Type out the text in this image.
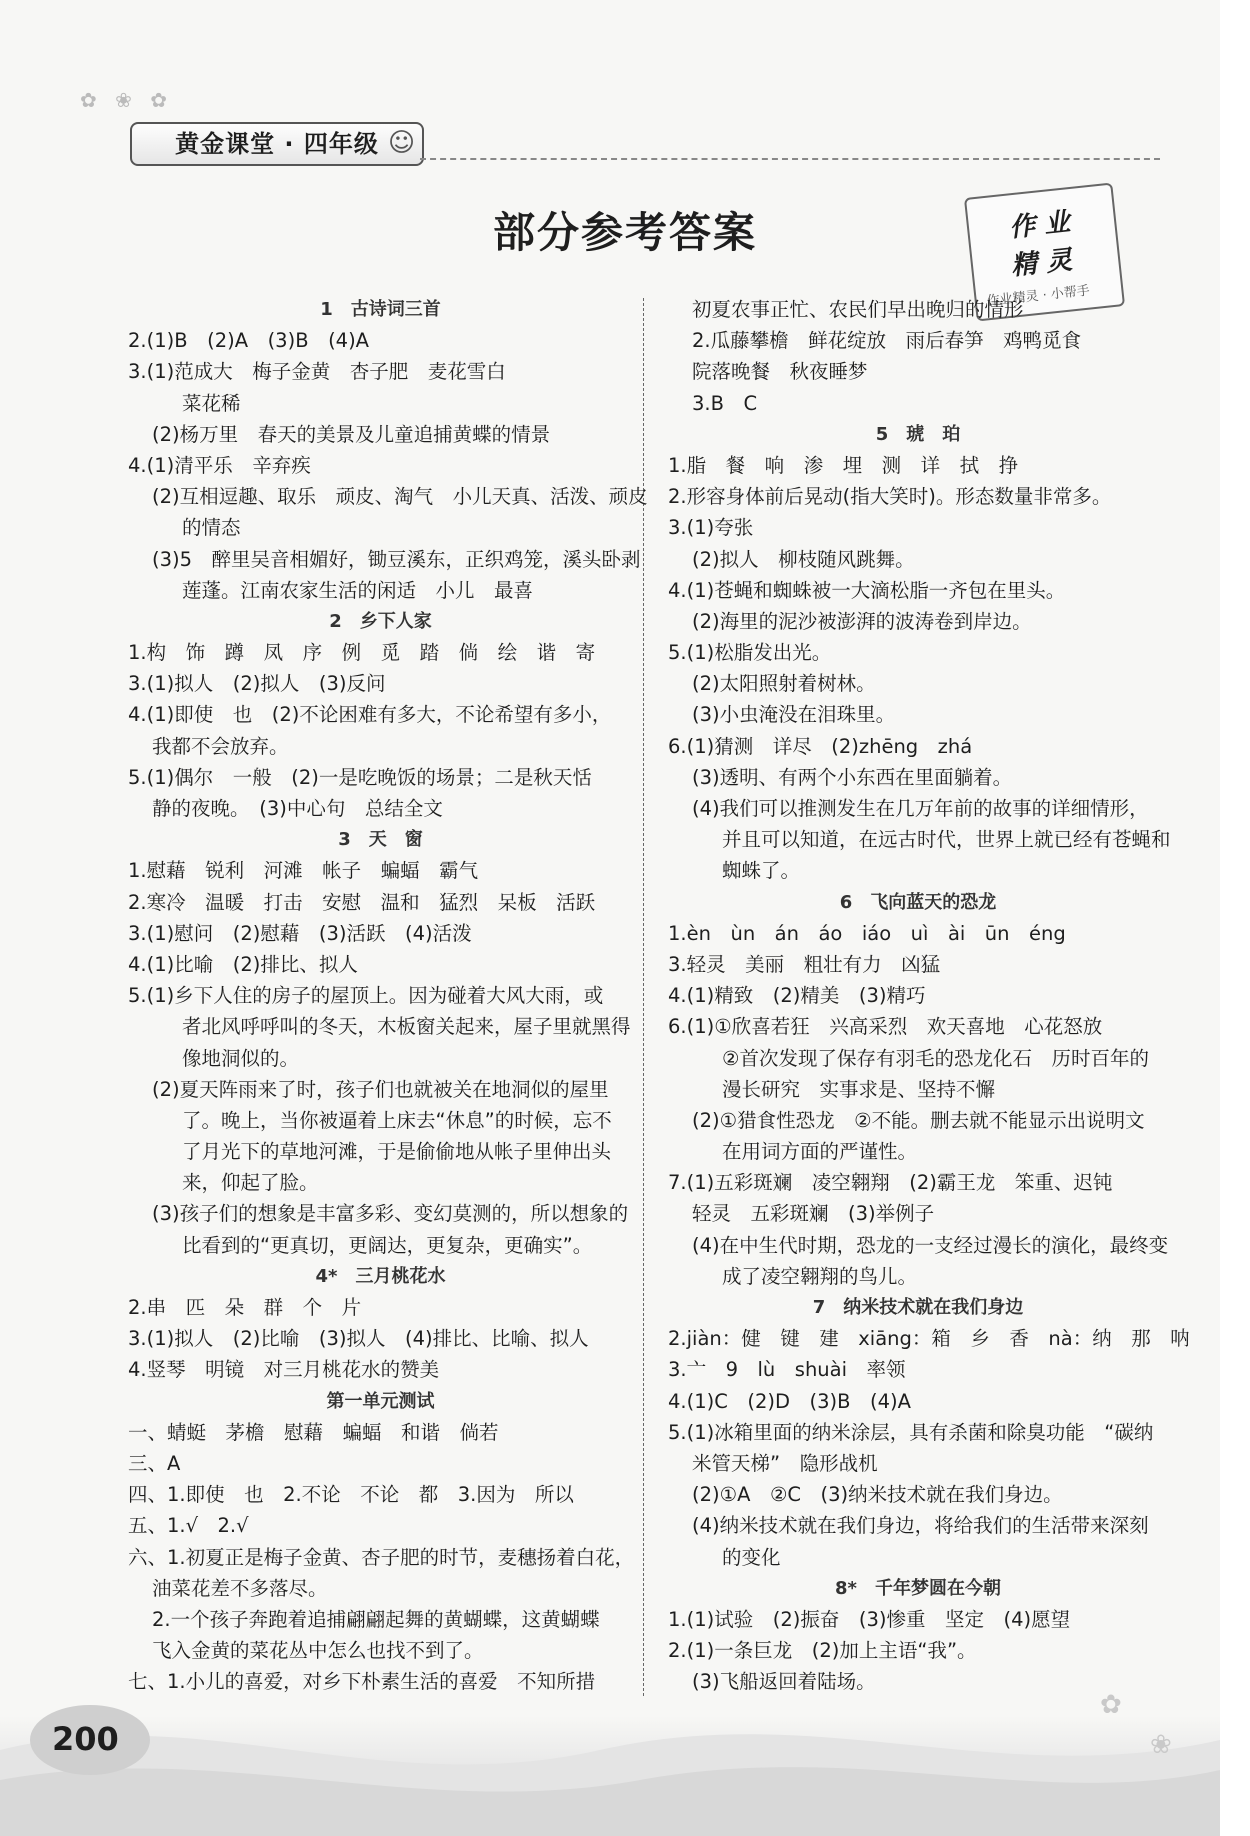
✿ ❀ ✿
黄金课堂 · 四年级 ☺
作 业
精 灵
作业精灵 · 小帮手
1　古诗词三首
2.(1)B　(2)A　(3)B　(4)A
3.(1)范成大　梅子金黄　杏子肥　麦花雪白
菜花稀
(2)杨万里　春天的美景及儿童追捕黄蝶的情景
4.(1)清平乐　辛弃疾
(2)互相逗趣、取乐　顽皮、淘气　小儿天真、活泼、顽皮
的情态
(3)5　醉里吴音相媚好，锄豆溪东，正织鸡笼，溪头卧剥
莲蓬。江南农家生活的闲适　小儿　最喜
2　乡下人家
1.构　饰　蹲　凤　序　例　觅　踏　倘　绘　谐　寄
3.(1)拟人　(2)拟人　(3)反问
4.(1)即使　也　(2)不论困难有多大，不论希望有多小，
我都不会放弃。
5.(1)偶尔　一般　(2)一是吃晚饭的场景；二是秋天恬
静的夜晚。　(3)中心句　总结全文
3　天　窗
1.慰藉　锐利　河滩　帐子　蝙蝠　霸气
2.寒冷　温暖　打击　安慰　温和　猛烈　呆板　活跃
3.(1)慰问　(2)慰藉　(3)活跃　(4)活泼
4.(1)比喻　(2)排比、拟人
5.(1)乡下人住的房子的屋顶上。因为碰着大风大雨，或
者北风呼呼叫的冬天，木板窗关起来，屋子里就黑得
像地洞似的。
(2)夏天阵雨来了时，孩子们也就被关在地洞似的屋里
了。晚上，当你被逼着上床去“休息”的时候，忘不
了月光下的草地河滩，于是偷偷地从帐子里伸出头
来，仰起了脸。
(3)孩子们的想象是丰富多彩、变幻莫测的，所以想象的
比看到的“更真切，更阔达，更复杂，更确实”。
4*　三月桃花水
2.串　匹　朵　群　个　片
3.(1)拟人　(2)比喻　(3)拟人　(4)排比、比喻、拟人
4.竖琴　明镜　对三月桃花水的赞美
第一单元测试
一、蜻蜓　茅檐　慰藉　蝙蝠　和谐　倘若
三、A
四、1.即使　也　2.不论　不论　都　3.因为　所以
五、1.√　2.√
六、1.初夏正是梅子金黄、杏子肥的时节，麦穗扬着白花，
油菜花差不多落尽。
2.一个孩子奔跑着追捕翩翩起舞的黄蝴蝶，这黄蝴蝶
飞入金黄的菜花丛中怎么也找不到了。
七、1.小儿的喜爱，对乡下朴素生活的喜爱　不知所措
初夏农事正忙、农民们早出晚归的情形
2.瓜藤攀檐　鲜花绽放　雨后春笋　鸡鸭觅食
院落晚餐　秋夜睡梦
3.B　C
5　琥　珀
1.脂　餐　响　渗　埋　测　详　拭　挣
2.形容身体前后晃动(指大笑时)。形态数量非常多。
3.(1)夸张
(2)拟人　柳枝随风跳舞。
4.(1)苍蝇和蜘蛛被一大滴松脂一齐包在里头。
(2)海里的泥沙被澎湃的波涛卷到岸边。
5.(1)松脂发出光。
(2)太阳照射着树林。
(3)小虫淹没在泪珠里。
6.(1)猜测　详尽　(2)zhēng　zhá
(3)透明、有两个小东西在里面躺着。
(4)我们可以推测发生在几万年前的故事的详细情形，
并且可以知道，在远古时代，世界上就已经有苍蝇和
蜘蛛了。
6　飞向蓝天的恐龙
1.èn　ùn　án　áo　iáo　uì　ài　ūn　éng
3.轻灵　美丽　粗壮有力　凶猛
4.(1)精致　(2)精美　(3)精巧
6.(1)①欣喜若狂　兴高采烈　欢天喜地　心花怒放
②首次发现了保存有羽毛的恐龙化石　历时百年的
漫长研究　实事求是、坚持不懈
(2)①猎食性恐龙　②不能。删去就不能显示出说明文
在用词方面的严谨性。
7.(1)五彩斑斓　凌空翱翔　(2)霸王龙　笨重、迟钝
轻灵　五彩斑斓　(3)举例子
(4)在中生代时期，恐龙的一支经过漫长的演化，最终变
成了凌空翱翔的鸟儿。
7　纳米技术就在我们身边
2.jiàn：健　键　建　xiāng：箱　乡　香　nà：纳　那　呐
3.亠　9　lù　shuài　率领
4.(1)C　(2)D　(3)B　(4)A
5.(1)冰箱里面的纳米涂层，具有杀菌和除臭功能　“碳纳
米管天梯”　隐形战机
(2)①A　②C　(3)纳米技术就在我们身边。
(4)纳米技术就在我们身边，将给我们的生活带来深刻
的变化
8*　千年梦圆在今朝
1.(1)试验　(2)振奋　(3)惨重　坚定　(4)愿望
2.(1)一条巨龙　(2)加上主语“我”。
(3)飞船返回着陆场。
200
✿
❀
部分参考答案
